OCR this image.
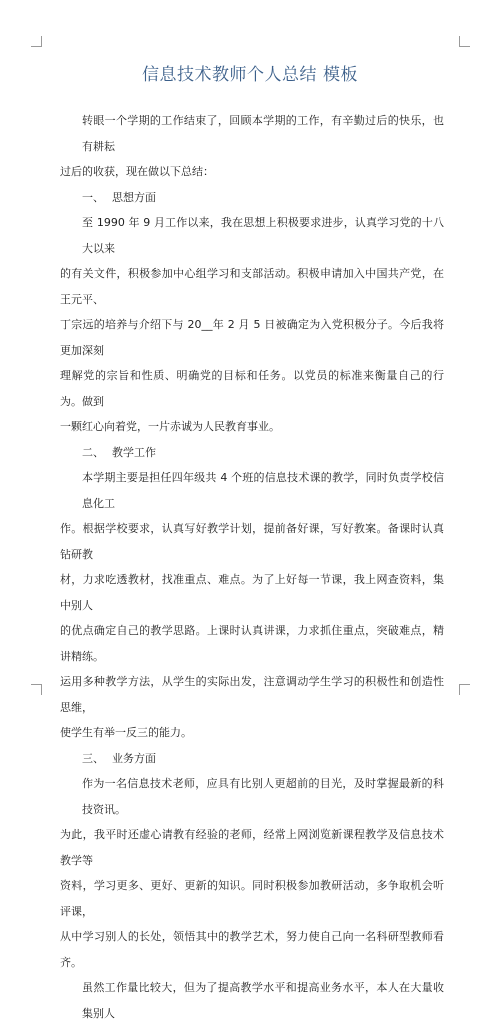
信息技术教师个人总结 模板
转眼一个学期的工作结束了，回顾本学期的工作，有辛勤过后的快乐，也有耕耘
过后的收获，现在做以下总结：
一、 思想方面
至 1990 年 9 月工作以来，我在思想上积极要求进步，认真学习党的十八大以来
的有关文件，积极参加中心组学习和支部活动。积极申请加入中国共产党，在王元平、
丁宗远的培养与介绍下与 20__年 2 月 5 日被确定为入党积极分子。今后我将更加深刻
理解党的宗旨和性质、明确党的目标和任务。以党员的标准来衡量自己的行为。做到
一颗红心向着党，一片赤诚为人民教育事业。
二、 教学工作
本学期主要是担任四年级共 4 个班的信息技术课的教学，同时负责学校信息化工
作。根据学校要求，认真写好教学计划，提前备好课，写好教案。备课时认真钻研教
材，力求吃透教材，找准重点、难点。为了上好每一节课，我上网查资料，集中别人
的优点确定自己的教学思路。上课时认真讲课，力求抓住重点，突破难点，精讲精练。
运用多种教学方法，从学生的实际出发，注意调动学生学习的积极性和创造性思维，
使学生有举一反三的能力。
三、 业务方面
作为一名信息技术老师，应具有比别人更超前的目光，及时掌握最新的科技资讯。
为此，我平时还虚心请教有经验的老师，经常上网浏览新课程教学及信息技术教学等
资料，学习更多、更好、更新的知识。同时积极参加教研活动，多争取机会听评课，
从中学习别人的长处，领悟其中的教学艺术，努力使自己向一名科研型教师看齐。
虽然工作量比较大，但为了提高教学水平和提高业务水平，本人在大量收集别人
